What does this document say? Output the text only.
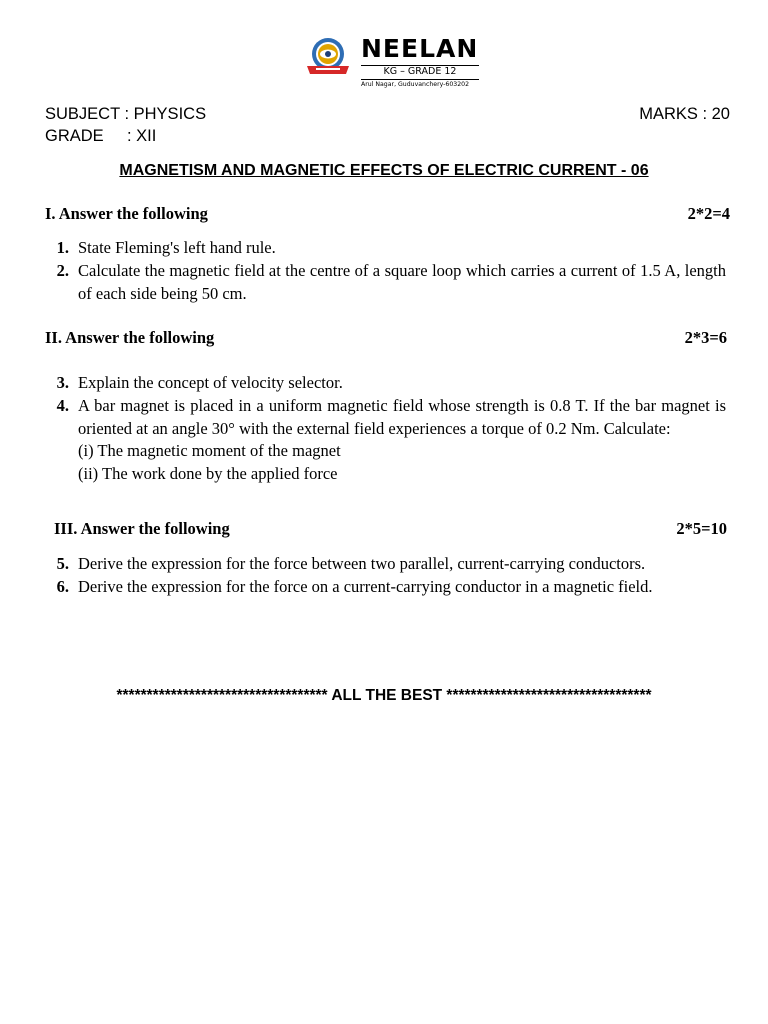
NEELAN
KG – GRADE 12
Arul Nagar, Guduvanchery-603202
SUBJECT : PHYSICS	MARKS : 20
GRADE : XII
MAGNETISM AND MAGNETIC EFFECTS OF ELECTRIC CURRENT - 06
I. Answer the following	2*2=4
1. State Fleming's left hand rule.
2. Calculate the magnetic field at the centre of a square loop which carries a current of 1.5 A, length of each side being 50 cm.
II. Answer the following	2*3=6
3. Explain the concept of velocity selector.
4. A bar magnet is placed in a uniform magnetic field whose strength is 0.8 T. If the bar magnet is oriented at an angle 30° with the external field experiences a torque of 0.2 Nm. Calculate:
(i) The magnetic moment of the magnet
(ii) The work done by the applied force
III. Answer the following	2*5=10
5. Derive the expression for the force between two parallel, current-carrying conductors.
6. Derive the expression for the force on a current-carrying conductor in a magnetic field.
*********************************** ALL THE BEST **********************************
